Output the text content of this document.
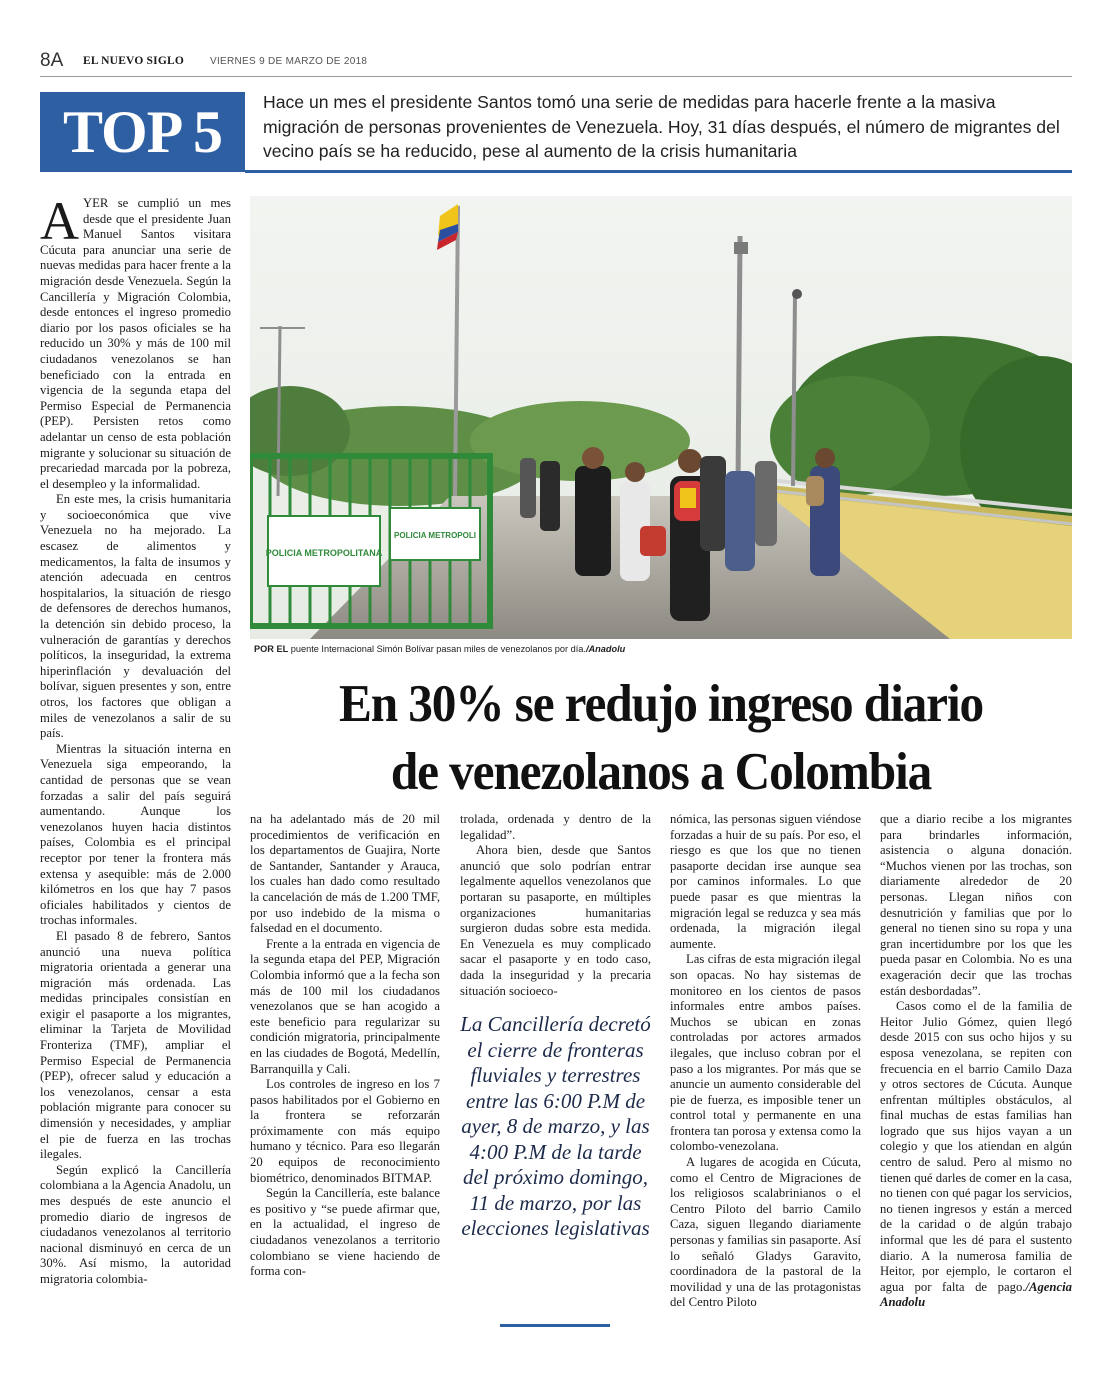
8A EL NUEVO SIGLO	VIERNES 9 DE MARZO DE 2018
TOP 5	Hace un mes el presidente Santos tomó una serie de medidas para hacerle frente a la masiva migración de personas provenientes de Venezuela. Hoy, 31 días después, el número de migrantes del vecino país se ha reducido, pese al aumento de la crisis humanitaria
POLICIA METROPOLITANA
POLICIA METROPOLI
POR EL puente Internacional Simón Bolívar pasan miles de venezolanos por día./Anadolu
En 30% se redujo ingreso diario
de venezolanos a Colombia

AYER se cumplió un mes desde que el presidente Juan Manuel Santos visitara Cúcuta para anunciar una serie de nuevas medidas para hacer frente a la migración desde Venezuela. Según la Cancillería y Migración Colombia, desde entonces el ingreso promedio diario por los pasos oficiales se ha reducido un 30% y más de 100 mil ciudadanos venezolanos se han beneficiado con la entrada en vigencia de la segunda etapa del Permiso Especial de Permanencia (PEP). Persisten retos como adelantar un censo de esta población migrante y solucionar su situación de precariedad marcada por la pobreza, el desempleo y la informalidad.

En este mes, la crisis humanitaria y socioeconómica que vive Venezuela no ha mejorado. La escasez de alimentos y medicamentos, la falta de insumos y atención adecuada en centros hospitalarios, la situación de riesgo de defensores de derechos humanos, la detención sin debido proceso, la vulneración de garantías y derechos políticos, la inseguridad, la extrema hiperinflación y devaluación del bolívar, siguen presentes y son, entre otros, los factores que obligan a miles de venezolanos a salir de su país.

Mientras la situación interna en Venezuela siga empeorando, la cantidad de personas que se vean forzadas a salir del país seguirá aumentando. Aunque los venezolanos huyen hacia distintos países, Colombia es el principal receptor por tener la frontera más extensa y asequible: más de 2.000 kilómetros en los que hay 7 pasos oficiales habilitados y cientos de trochas informales.

El pasado 8 de febrero, Santos anunció una nueva política migratoria orientada a generar una migración más ordenada. Las medidas principales consistían en exigir el pasaporte a los migrantes, eliminar la Tarjeta de Movilidad Fronteriza (TMF), ampliar el Permiso Especial de Permanencia (PEP), ofrecer salud y educación a los venezolanos, censar a esta población migrante para conocer su dimensión y necesidades, y ampliar el pie de fuerza en las trochas ilegales.

Según explicó la Cancillería colombiana a la Agencia Anadolu, un mes después de este anuncio el promedio diario de ingresos de ciudadanos venezolanos al territorio nacional disminuyó en cerca de un 30%. Así mismo, la autoridad migratoria colombia-

na ha adelantado más de 20 mil procedimientos de verificación en los departamentos de Guajira, Norte de Santander, Santander y Arauca, los cuales han dado como resultado la cancelación de más de 1.200 TMF, por uso indebido de la misma o falsedad en el documento.

Frente a la entrada en vigencia de la segunda etapa del PEP, Migración Colombia informó que a la fecha son más de 100 mil los ciudadanos venezolanos que se han acogido a este beneficio para regularizar su condición migratoria, principalmente en las ciudades de Bogotá, Medellín, Barranquilla y Cali.

Los controles de ingreso en los 7 pasos habilitados por el Gobierno en la frontera se reforzarán próximamente con más equipo humano y técnico. Para eso llegarán 20 equipos de reconocimiento biométrico, denominados BITMAP.

Según la Cancillería, este balance es positivo y “se puede afirmar que, en la actualidad, el ingreso de ciudadanos venezolanos a territorio colombiano se viene haciendo de forma con-

trolada, ordenada y dentro de la legalidad”.

Ahora bien, desde que Santos anunció que solo podrían entrar legalmente aquellos venezolanos que portaran su pasaporte, en múltiples organizaciones humanitarias surgieron dudas sobre esta medida. En Venezuela es muy complicado sacar el pasaporte y en todo caso, dada la inseguridad y la precaria situación socioeco-

La Cancillería decretó el cierre de fronteras fluviales y terrestres entre las 6:00 P.M de ayer, 8 de marzo, y las 4:00 P.M de la tarde del próximo domingo, 11 de marzo, por las elecciones legislativas

nómica, las personas siguen viéndose forzadas a huir de su país. Por eso, el riesgo es que los que no tienen pasaporte decidan irse aunque sea por caminos informales. Lo que puede pasar es que mientras la migración legal se reduzca y sea más ordenada, la migración ilegal aumente.

Las cifras de esta migración ilegal son opacas. No hay sistemas de monitoreo en los cientos de pasos informales entre ambos países. Muchos se ubican en zonas controladas por actores armados ilegales, que incluso cobran por el paso a los migrantes. Por más que se anuncie un aumento considerable del pie de fuerza, es imposible tener un control total y permanente en una frontera tan porosa y extensa como la colombo-venezolana.

A lugares de acogida en Cúcuta, como el Centro de Migraciones de los religiosos scalabrinianos o el Centro Piloto del barrio Camilo Caza, siguen llegando diariamente personas y familias sin pasaporte. Así lo señaló Gladys Garavito, coordinadora de la pastoral de la movilidad y una de las protagonistas del Centro Piloto

que a diario recibe a los migrantes para brindarles información, asistencia o alguna donación. “Muchos vienen por las trochas, son diariamente alrededor de 20 personas. Llegan niños con desnutrición y familias que por lo general no tienen sino su ropa y una gran incertidumbre por los que les pueda pasar en Colombia. No es una exageración decir que las trochas están desbordadas”.

Casos como el de la familia de Heitor Julio Gómez, quien llegó desde 2015 con sus ocho hijos y su esposa venezolana, se repiten con frecuencia en el barrio Camilo Daza y otros sectores de Cúcuta. Aunque enfrentan múltiples obstáculos, al final muchas de estas familias han logrado que sus hijos vayan a un colegio y que los atiendan en algún centro de salud. Pero al mismo no tienen qué darles de comer en la casa, no tienen con qué pagar los servicios, no tienen ingresos y están a merced de la caridad o de algún trabajo informal que les dé para el sustento diario. A la numerosa familia de Heitor, por ejemplo, le cortaron el agua por falta de pago./Agencia Anadolu
